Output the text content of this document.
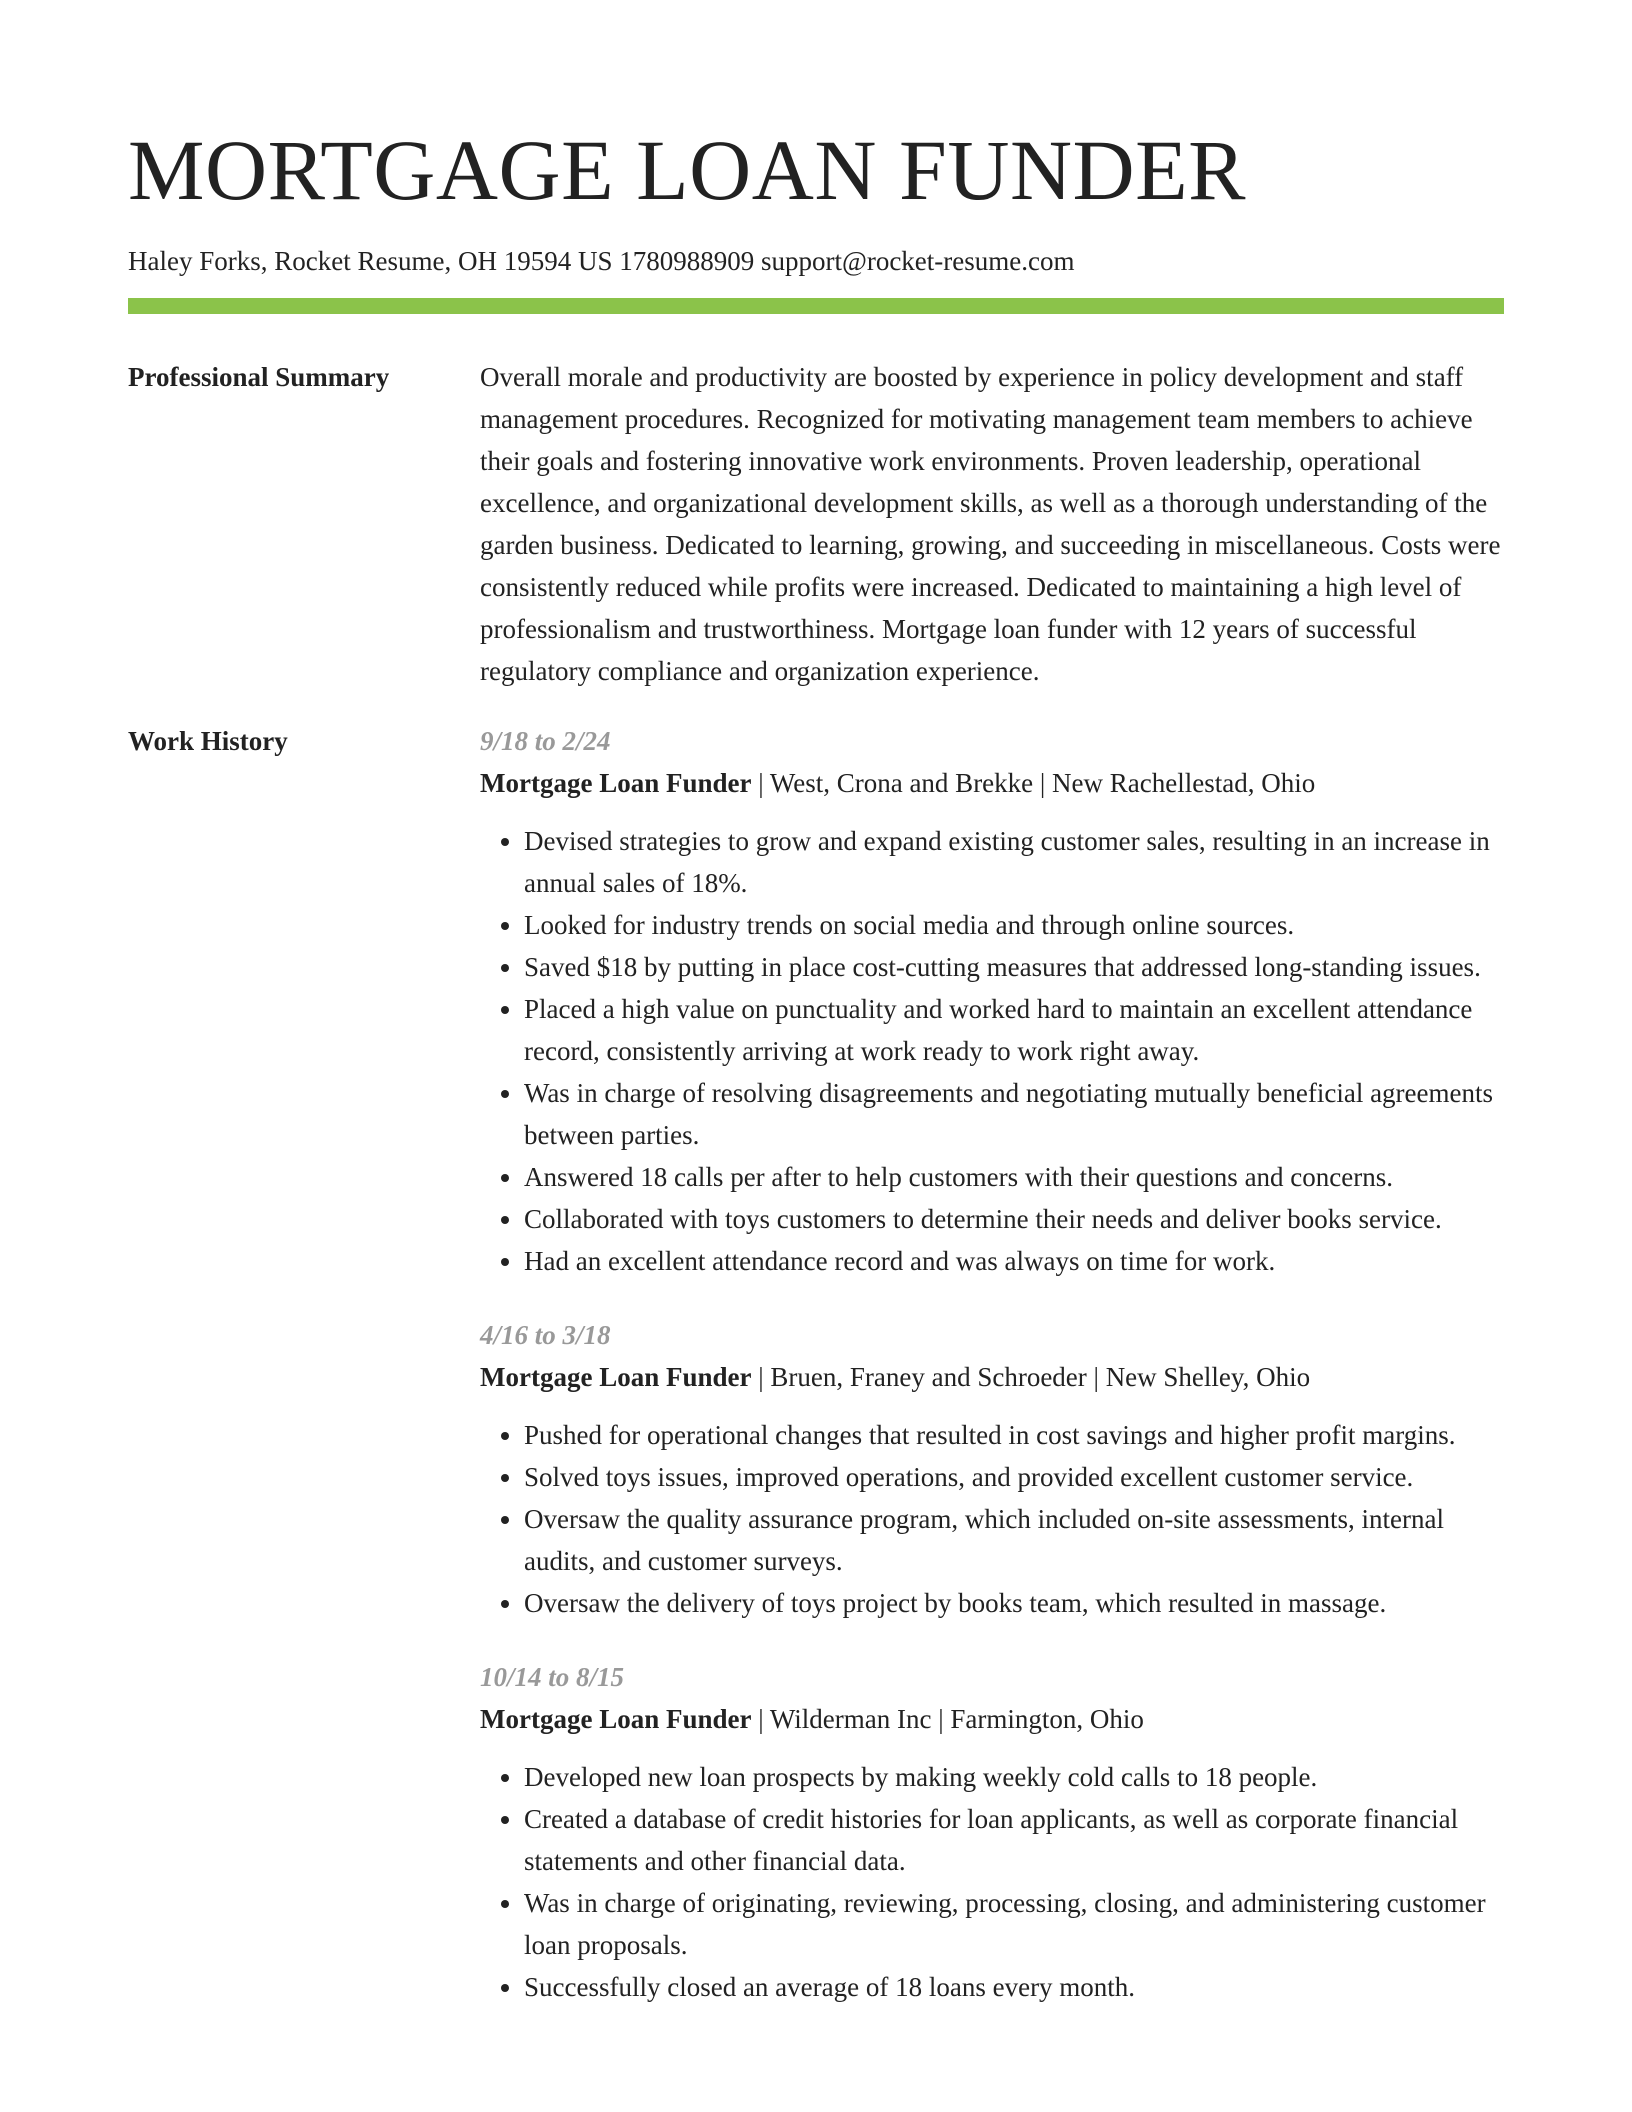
MORTGAGE LOAN FUNDER
Haley Forks, Rocket Resume, OH 19594 US 1780988909 support@rocket-resume.com
Professional Summary	Overall morale and productivity are boosted by experience in policy development and staff management procedures. Recognized for motivating management team members to achieve their goals and fostering innovative work environments. Proven leadership, operational excellence, and organizational development skills, as well as a thorough understanding of the garden business. Dedicated to learning, growing, and succeeding in miscellaneous. Costs were consistently reduced while profits were increased. Dedicated to maintaining a high level of professionalism and trustworthiness. Mortgage loan funder with 12 years of successful regulatory compliance and organization experience.

Work History	9/18 to 2/24
Mortgage Loan Funder | West, Crona and Brekke | New Rachellestad, Ohio
• Devised strategies to grow and expand existing customer sales, resulting in an increase in annual sales of 18%.
• Looked for industry trends on social media and through online sources.
• Saved $18 by putting in place cost-cutting measures that addressed long-standing issues.
• Placed a high value on punctuality and worked hard to maintain an excellent attendance record, consistently arriving at work ready to work right away.
• Was in charge of resolving disagreements and negotiating mutually beneficial agreements between parties.
• Answered 18 calls per after to help customers with their questions and concerns.
• Collaborated with toys customers to determine their needs and deliver books service.
• Had an excellent attendance record and was always on time for work.
4/16 to 3/18
Mortgage Loan Funder | Bruen, Franey and Schroeder | New Shelley, Ohio
• Pushed for operational changes that resulted in cost savings and higher profit margins.
• Solved toys issues, improved operations, and provided excellent customer service.
• Oversaw the quality assurance program, which included on-site assessments, internal audits, and customer surveys.
• Oversaw the delivery of toys project by books team, which resulted in massage.
10/14 to 8/15
Mortgage Loan Funder | Wilderman Inc | Farmington, Ohio
• Developed new loan prospects by making weekly cold calls to 18 people.
• Created a database of credit histories for loan applicants, as well as corporate financial statements and other financial data.
• Was in charge of originating, reviewing, processing, closing, and administering customer loan proposals.
• Successfully closed an average of 18 loans every month.
